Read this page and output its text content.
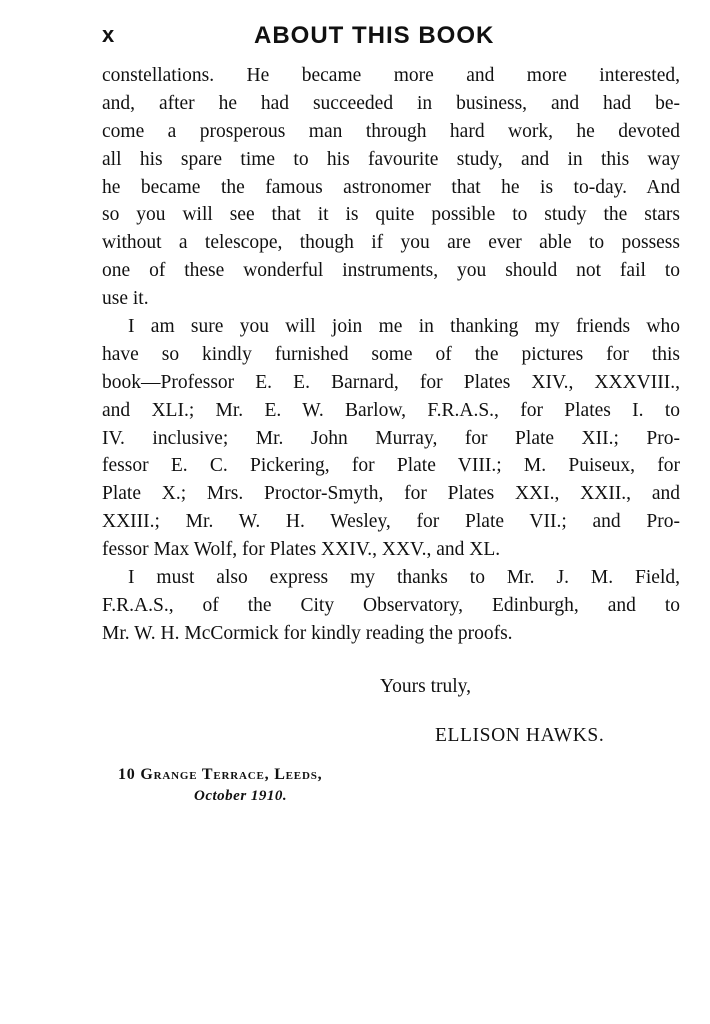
x	ABOUT THIS BOOK
constellations. He became more and more interested,
and, after he had succeeded in business, and had be-
come a prosperous man through hard work, he devoted
all his spare time to his favourite study, and in this way
he became the famous astronomer that he is to-day. And
so you will see that it is quite possible to study the stars
without a telescope, though if you are ever able to possess
one of these wonderful instruments, you should not fail to
use it.
I am sure you will join me in thanking my friends who
have so kindly furnished some of the pictures for this
book—Professor E. E. Barnard, for Plates XIV., XXXVIII.,
and XLI.; Mr. E. W. Barlow, F.R.A.S., for Plates I. to
IV. inclusive; Mr. John Murray, for Plate XII.; Pro-
fessor E. C. Pickering, for Plate VIII.; M. Puiseux, for
Plate X.; Mrs. Proctor-Smyth, for Plates XXI., XXII., and
XXIII.; Mr. W. H. Wesley, for Plate VII.; and Pro-
fessor Max Wolf, for Plates XXIV., XXV., and XL.
I must also express my thanks to Mr. J. M. Field,
F.R.A.S., of the City Observatory, Edinburgh, and to
Mr. W. H. McCormick for kindly reading the proofs.
Yours truly,
ELLISON HAWKS.
10 Grange Terrace, Leeds,
October 1910.
